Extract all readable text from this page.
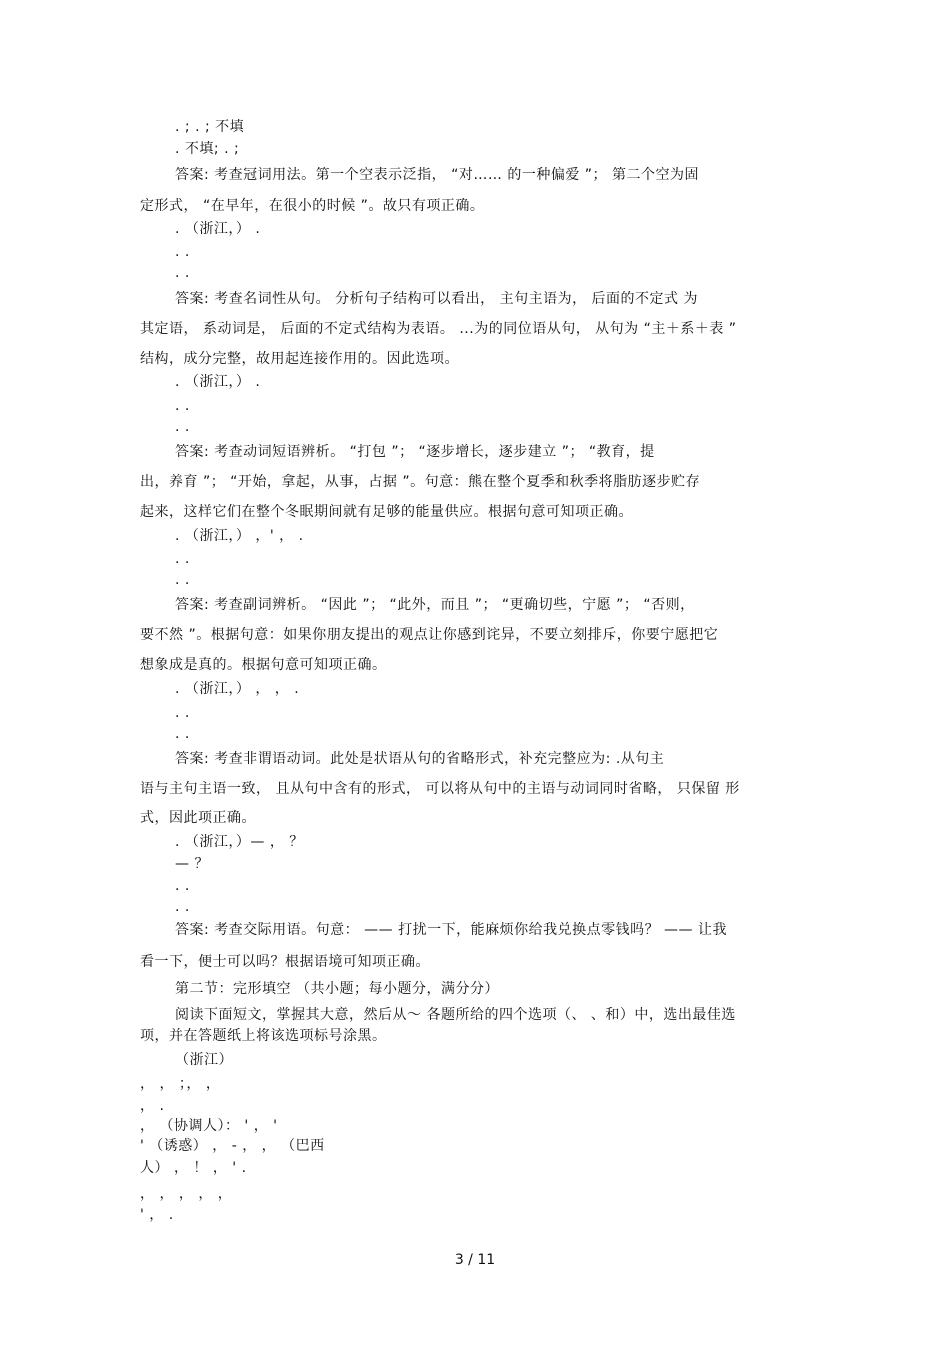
. ; . ; 不填
. 不填; . ;
答案: 考查冠词用法。第一个空表示泛指， “对…… 的一种偏爱 ”； 第二个空为固
定形式， “在早年，在很小的时候 ”。故只有项正确。
. （浙江，） .
. .
. .
答案: 考查名词性从句。 分析句子结构可以看出， 主句主语为， 后面的不定式 为
其定语， 系动词是， 后面的不定式结构为表语。 ...为的同位语从句， 从句为 “主＋系＋表 ”
结构，成分完整，故用起连接作用的。因此选项。
. （浙江，） .
. .
. .
答案: 考查动词短语辨析。 “打包 ”； “逐步增长，逐步建立 ”； “教育，提
出，养育 ”； “开始，拿起，从事，占据 ”。句意：熊在整个夏季和秋季将脂肪逐步贮存
起来，这样它们在整个冬眠期间就有足够的能量供应。根据句意可知项正确。
. （浙江，） ，' ， .
. .
. .
答案: 考查副词辨析。 “因此 ”； “此外，而且 ”； “更确切些，宁愿 ”； “否则，
要不然 ”。根据句意：如果你朋友提出的观点让你感到诧异，不要立刻排斥，你要宁愿把它
想象成是真的。根据句意可知项正确。
. （浙江，） ， ， .
. .
. .
答案: 考查非谓语动词。此处是状语从句的省略形式，补充完整应为: .从句主
语与主句主语一致， 且从句中含有的形式， 可以将从句中的主语与动词同时省略， 只保留 形
式，因此项正确。
. （浙江，）— ， ？
— ？
. .
. .
答案: 考查交际用语。句意： —— 打扰一下，能麻烦你给我兑换点零钱吗？ —— 让我
看一下，便士可以吗？根据语境可知项正确。
第二节：完形填空 （共小题；每小题分，满分分）
阅读下面短文，掌握其大意，然后从～ 各题所给的四个选项（、 、和）中，选出最佳选
项，并在答题纸上将该选项标号涂黑。
（浙江）
， ， ；， ，
， .
， （协调人）： ' ， '
' （诱惑） ， - ， ， （巴西
人） ， ！ ， ' .
， ， ， ， ，
' ， .
3 / 11
